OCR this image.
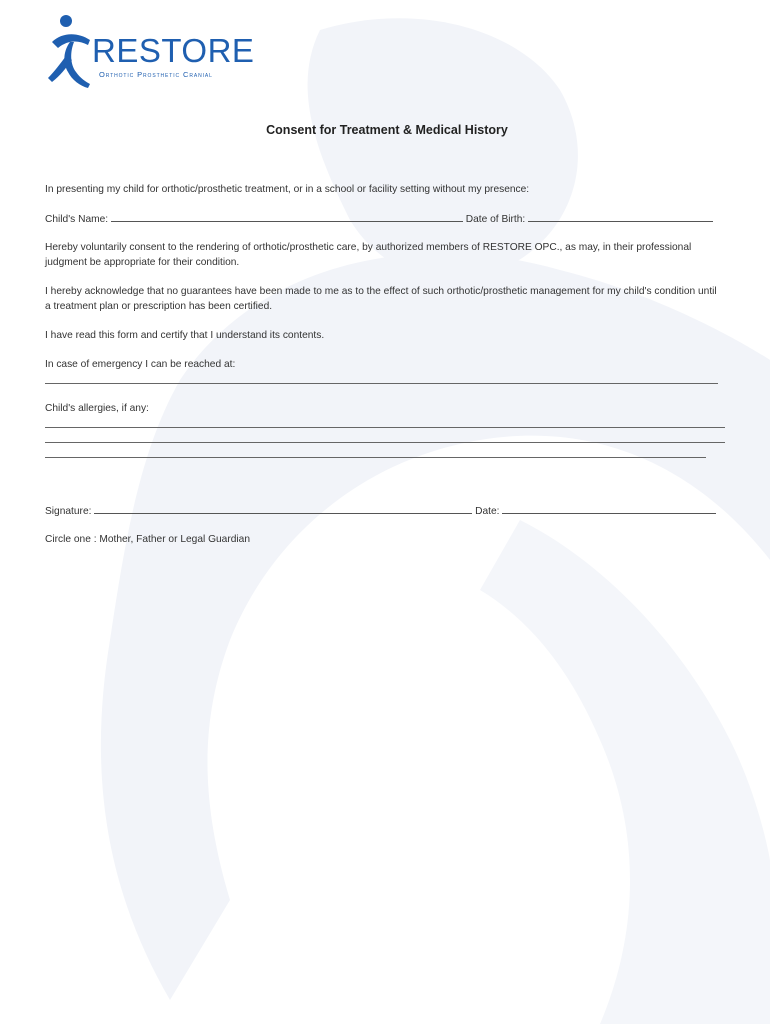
RESTORE
Orthotic Prosthetic Cranial
Consent for Treatment & Medical History
In presenting my child for orthotic/prosthetic treatment, or in a school or facility setting without my presence:
Child's Name:	Date of Birth:
Hereby voluntarily consent to the rendering of orthotic/prosthetic care, by authorized members of RESTORE OPC., as may, in their professional judgment be appropriate for their condition.
I hereby acknowledge that no guarantees have been made to me as to the effect of such orthotic/prosthetic management for my child's condition until a treatment plan or prescription has been certified.
I have read this form and certify that I understand its contents.
In case of emergency I can be reached at:
Child's allergies, if any:
Signature:	Date:
Circle one : Mother, Father or Legal Guardian
